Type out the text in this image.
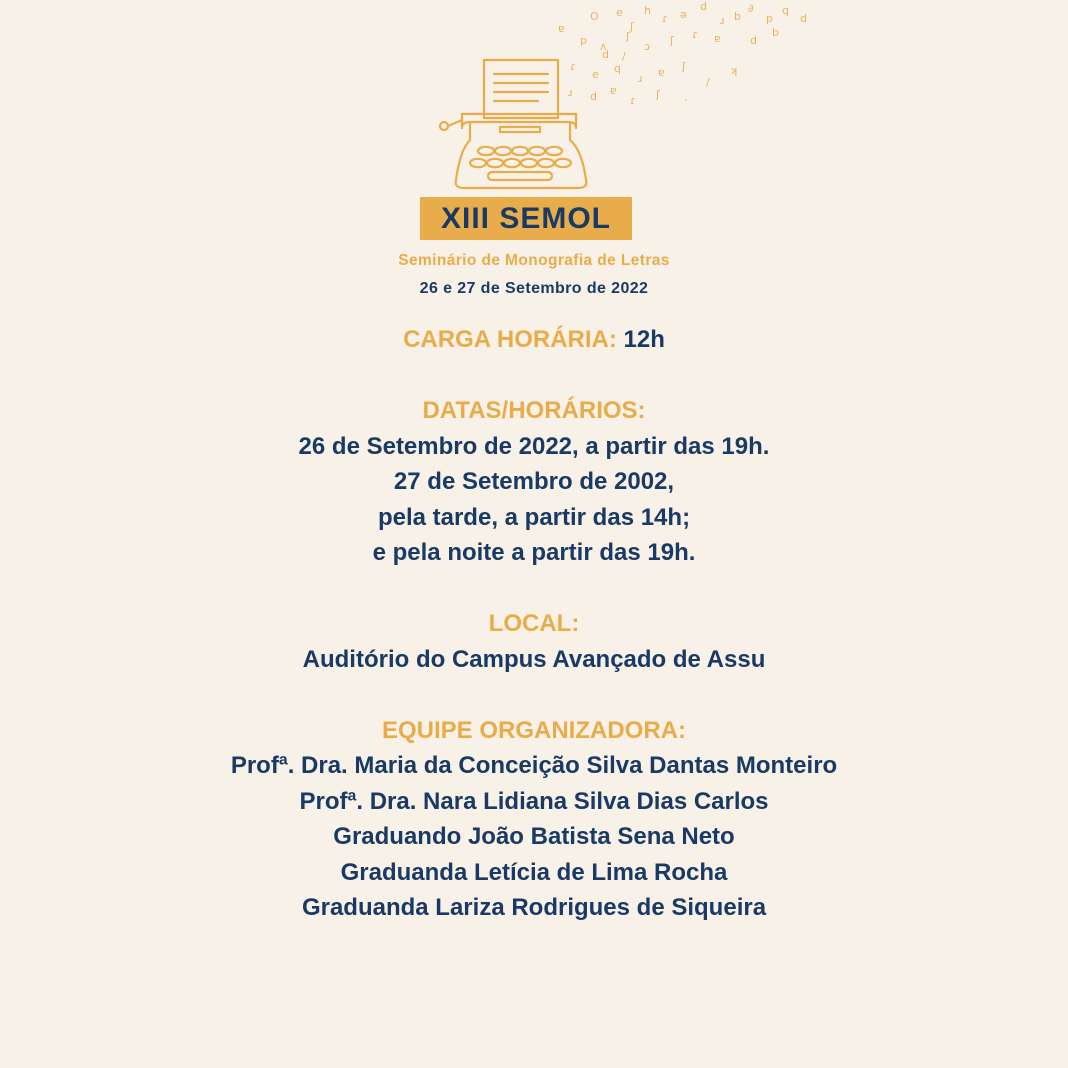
O e
ʃ
h
ɾ ə
d
ɹ b
∂
p
q
d
ɐ
p ʌ
/
ɔ ʃ ɾ ɐ	d
b
ɾ
e q
ɹ ɐ ʃ	ʞ
ɹ d ɐ
ɾ ʃ ·
/
d
ʃ
XIII SEMOL
Seminário de Monografia de Letras
26 e 27 de Setembro de 2022

CARGA HORÁRIA: 12h

DATAS/HORÁRIOS:

26 de Setembro de 2022, a partir das 19h.

27 de Setembro de 2002,

pela tarde, a partir das 14h;

e pela noite a partir das 19h.

LOCAL:

Auditório do Campus Avançado de Assu

EQUIPE ORGANIZADORA:

Profª. Dra. Maria da Conceição Silva Dantas Monteiro

Profª. Dra. Nara Lidiana Silva Dias Carlos

Graduando João Batista Sena Neto

Graduanda Letícia de Lima Rocha

Graduanda Lariza Rodrigues de Siqueira
